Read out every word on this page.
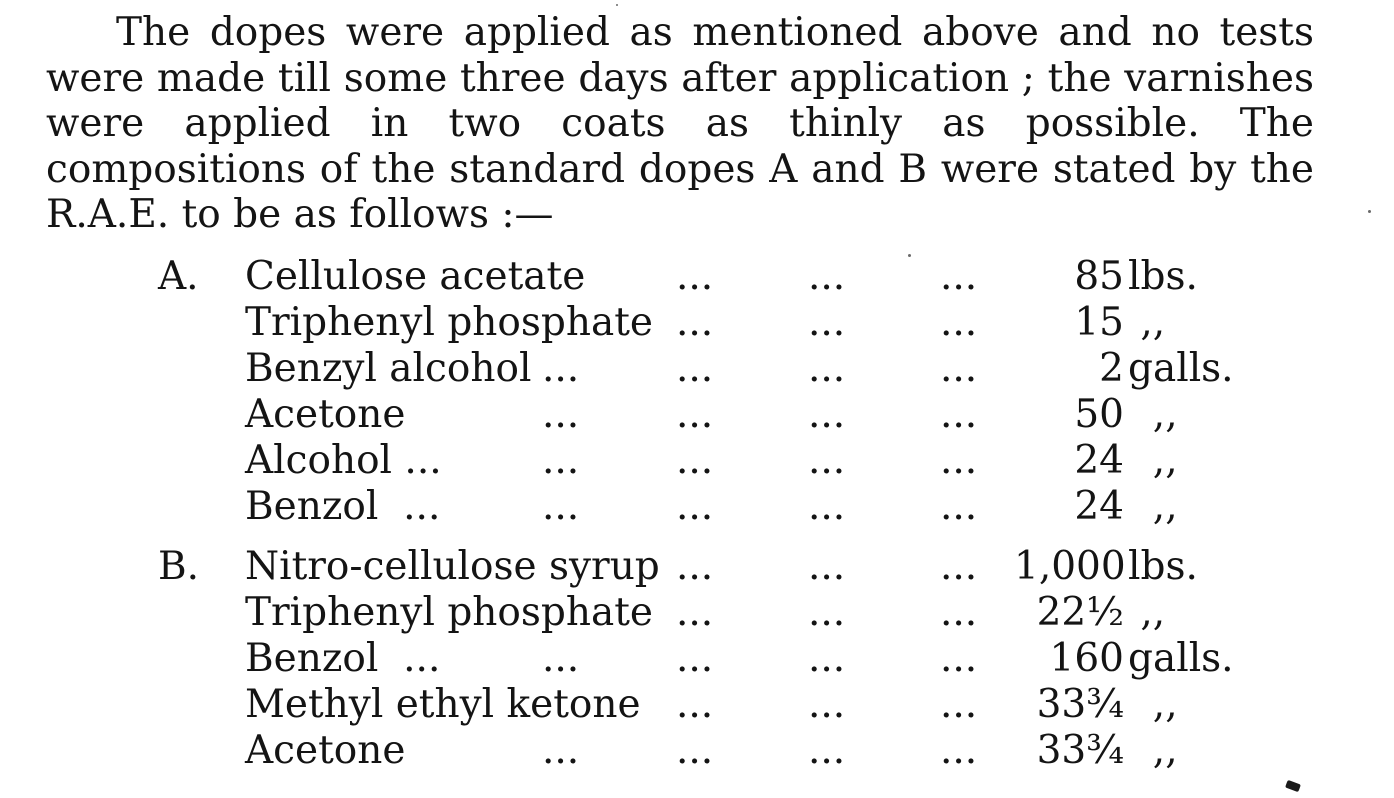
The dopes were applied as mentioned above and no tests were made till some three days after application ; the varnishes were applied in two coats as thinly as possible. The compositions of the standard dopes A and B were stated by the R.A.E. to be as follows :—

A. Cellulose acetate ... ... ...	85 lbs.
Triphenyl phosphate ... ... ...	15 ,,
Benzyl alcohol ... ... ... ...	2 galls.
Acetone	... ... ... ...	50 ,,
Alcohol ...	... ... ... ...	24 ,,
Benzol  ...	... ... ... ...	24 ,,
B. Nitro-cellulose syrup ... ... ... 1,000 lbs.
Triphenyl phosphate ... ... ...	22½ ,,
Benzol  ...	... ... ... ...	160 galls.
Methyl ethyl ketone ... ... ...	33¾ ,,
Acetone	... ... ... ...	33¾ ,,
